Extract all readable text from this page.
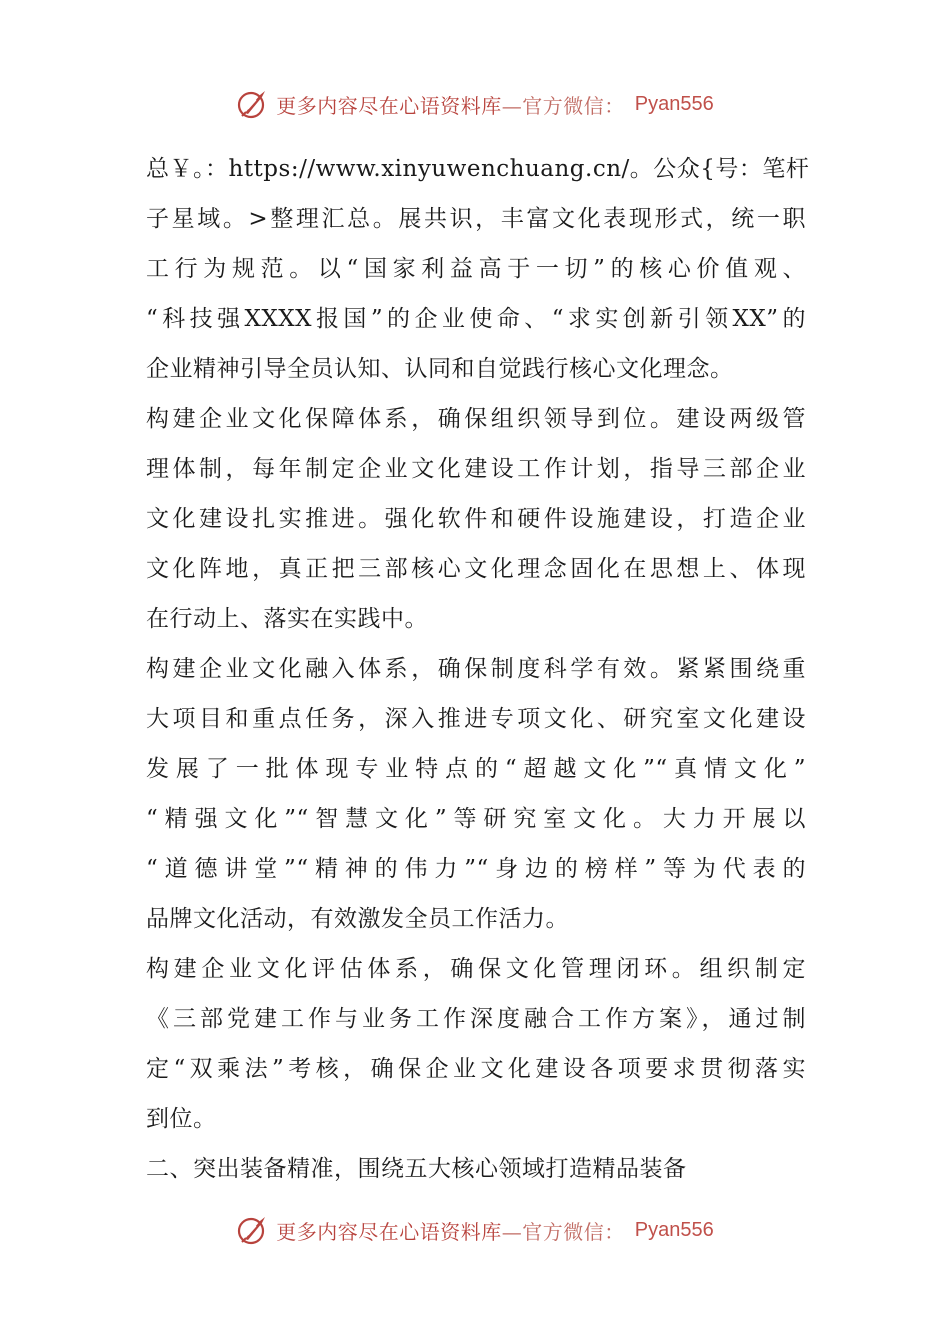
更多内容尽在心语资料库—官方微信： Pyan556
总￥。：https://www.xinyuwenchuang.cn/。公众{号：笔杆
子星域。>整理汇总。展共识，丰富文化表现形式，统一职
工行为规范。以“国家利益高于一切”的核心价值观、
“科技强XXXX报国”的企业使命、“求实创新引领XX”的
企业精神引导全员认知、认同和自觉践行核心文化理念。
构建企业文化保障体系，确保组织领导到位。建设两级管
理体制，每年制定企业文化建设工作计划，指导三部企业
文化建设扎实推进。强化软件和硬件设施建设，打造企业
文化阵地，真正把三部核心文化理念固化在思想上、体现
在行动上、落实在实践中。
构建企业文化融入体系，确保制度科学有效。紧紧围绕重
大项目和重点任务，深入推进专项文化、研究室文化建设
发展了一批体现专业特点的“超越文化”“真情文化”
“精强文化”“智慧文化”等研究室文化。大力开展以
“道德讲堂”“精神的伟力”“身边的榜样”等为代表的
品牌文化活动，有效激发全员工作活力。
构建企业文化评估体系，确保文化管理闭环。组织制定
《三部党建工作与业务工作深度融合工作方案》，通过制
定“双乘法”考核，确保企业文化建设各项要求贯彻落实
到位。
二、突出装备精准，围绕五大核心领域打造精品装备
更多内容尽在心语资料库—官方微信： Pyan556
